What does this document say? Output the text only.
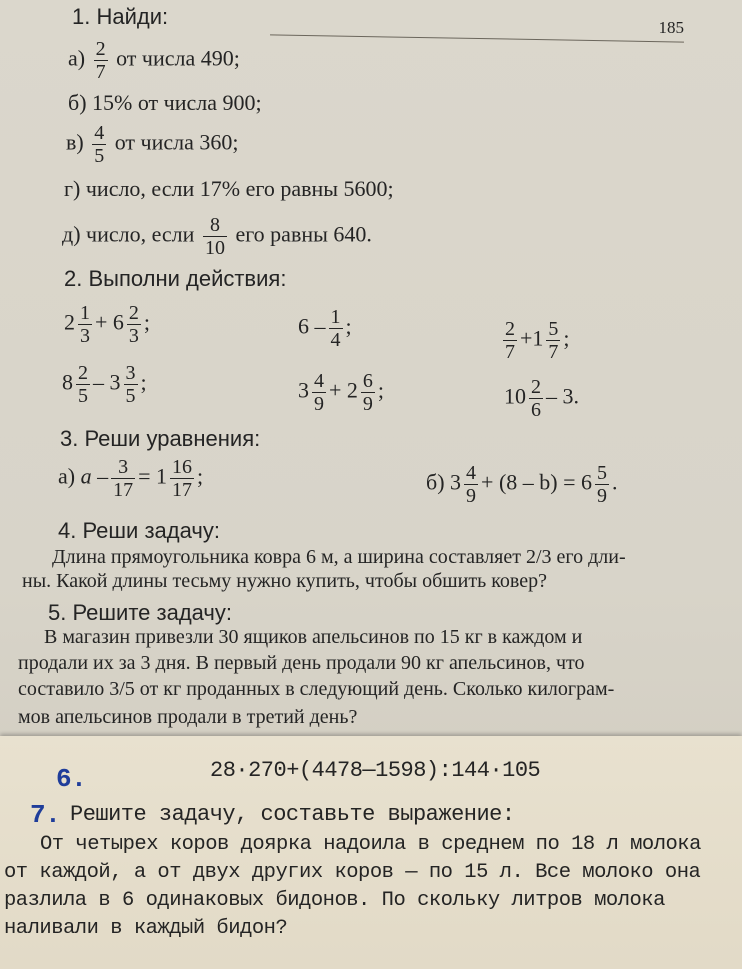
185
1. Найди:
$а) \frac{2}{7}$ от числа 490;
б) 15% от числа 900;
$в) \frac{4}{5}$ от числа 360;
г) число, если 17% его равны 5600;
д) число, если $\frac{8}{10}$ его равны 640.
2. Выполни действия:
$2 \frac{1}{3} + 6 \frac{2}{3}$ ;	$6 - \frac{1}{4}$ ;	$\frac{2}{7} +1 \frac{5}{7}$ ;
$8 \frac{2}{5} - 3 \frac{3}{5}$ ;	$3 \frac{4}{9} + 2 \frac{6}{9}$ ;	$10 \frac{2}{6} - 3$.
3. Реши уравнения:
а) $a - \frac{3}{17} = 1 \frac{16}{17}$ ;	б) $3 \frac{4}{9} + (8 - b) = 6 \frac{5}{9}$ .
4. Реши задачу:
Длина прямоугольника ковра 6 м, а ширина составляет 2/3 его дли-
ны. Какой длины тесьму нужно купить, чтобы обшить ковер?
5. Решите задачу:
В магазин привезли 30 ящиков апельсинов по 15 кг в каждом и
продали их за 3 дня. В первый день продали 90 кг апельсинов, что
составило 3/5 от кг проданных в следующий день. Сколько килограм-
мов апельсинов продали в третий день?
6.	28·270+(4478—1598):144·105
7. Решите задачу, составьте выражение:
От четырех коров доярка надоила в среднем по 18 л молока
от каждой, а от двух других коров — по 15 л. Все молоко она
разлила в 6 одинаковых бидонов. По скольку литров молока
наливали в каждый бидон?
